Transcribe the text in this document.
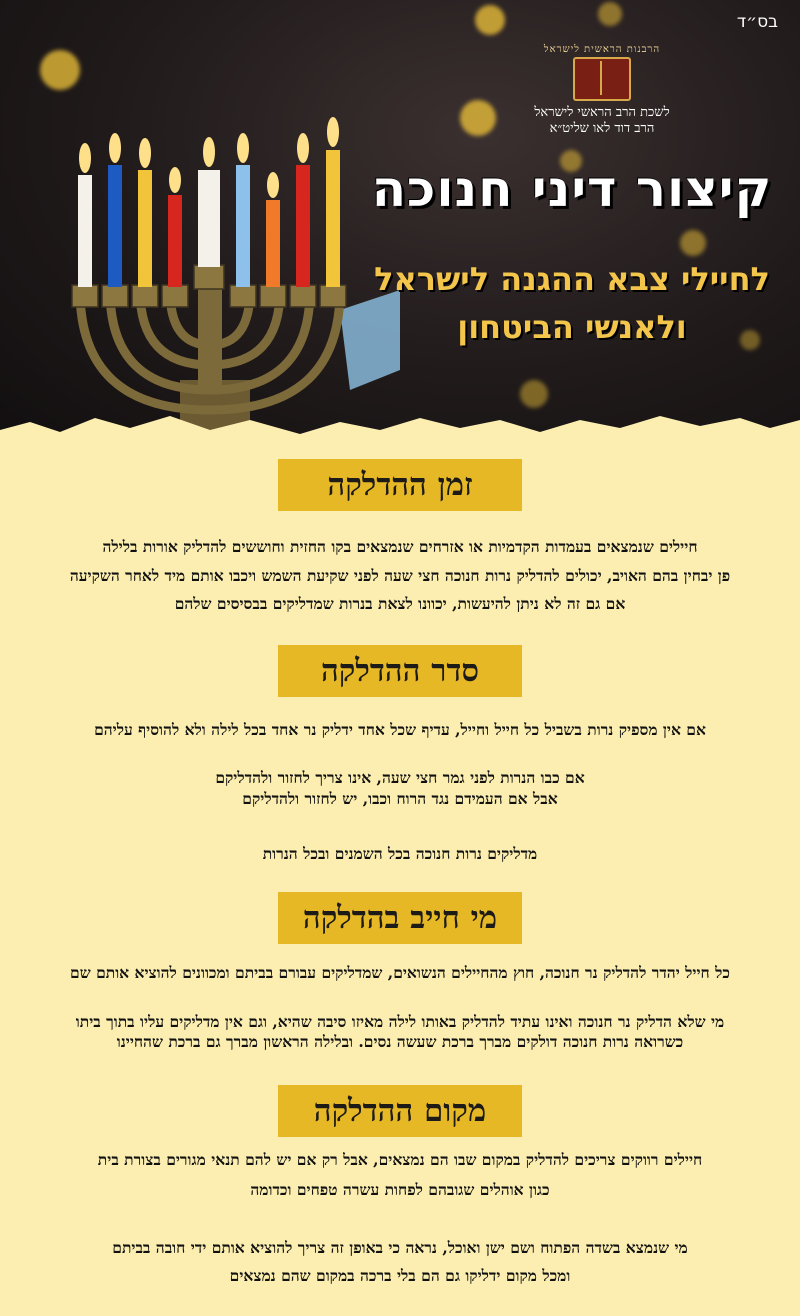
בס״ד
הרבנות הראשית לישראל
לשכת הרב הראשי לישראל
הרב דוד לאו שליט״א
קיצור דיני חנוכה
לחיילי צבא ההגנה לישראל
ולאנשי הביטחון
זמן ההדלקה
חיילים שנמצאים בעמדות הקדמיות או אזרחים שנמצאים בקו החזית וחוששים להדליק אורות בלילה
פן יבחין בהם האויב, יכולים להדליק נרות חנוכה חצי שעה לפני שקיעת השמש ויכבו אותם מיד לאחר השקיעה
אם גם זה לא ניתן להיעשות, יכוונו לצאת בנרות שמדליקים בבסיסים שלהם
סדר ההדלקה
אם אין מספיק נרות בשביל כל חייל וחייל, עדיף שכל אחד ידליק נר אחד בכל לילה ולא להוסיף עליהם
אם כבו הנרות לפני גמר חצי שעה, אינו צריך לחזור ולהדליקם
אבל אם העמידם נגד הרוח וכבו, יש לחזור ולהדליקם
מדליקים נרות חנוכה בכל השמנים ובכל הנרות
מי חייב בהדלקה
כל חייל יהדר להדליק נר חנוכה, חוץ מהחיילים הנשואים, שמדליקים עבורם בביתם ומכוונים להוציא אותם שם
מי שלא הדליק נר חנוכה ואינו עתיד להדליק באותו לילה מאיזו סיבה שהיא, וגם אין מדליקים עליו בתוך ביתו
כשרואה נרות חנוכה דולקים מברך ברכת שעשה נסים. ובלילה הראשון מברך גם ברכת שהחיינו
מקום ההדלקה
חיילים רווקים צריכים להדליק במקום שבו הם נמצאים, אבל רק אם יש להם תנאי מגורים בצורת בית
כגון אוהלים שגובהם לפחות עשרה טפחים וכדומה
מי שנמצא בשדה הפתוח ושם ישן ואוכל, נראה כי באופן זה צריך להוציא אותם ידי חובה בביתם
ומכל מקום ידליקו גם הם בלי ברכה במקום שהם נמצאים
